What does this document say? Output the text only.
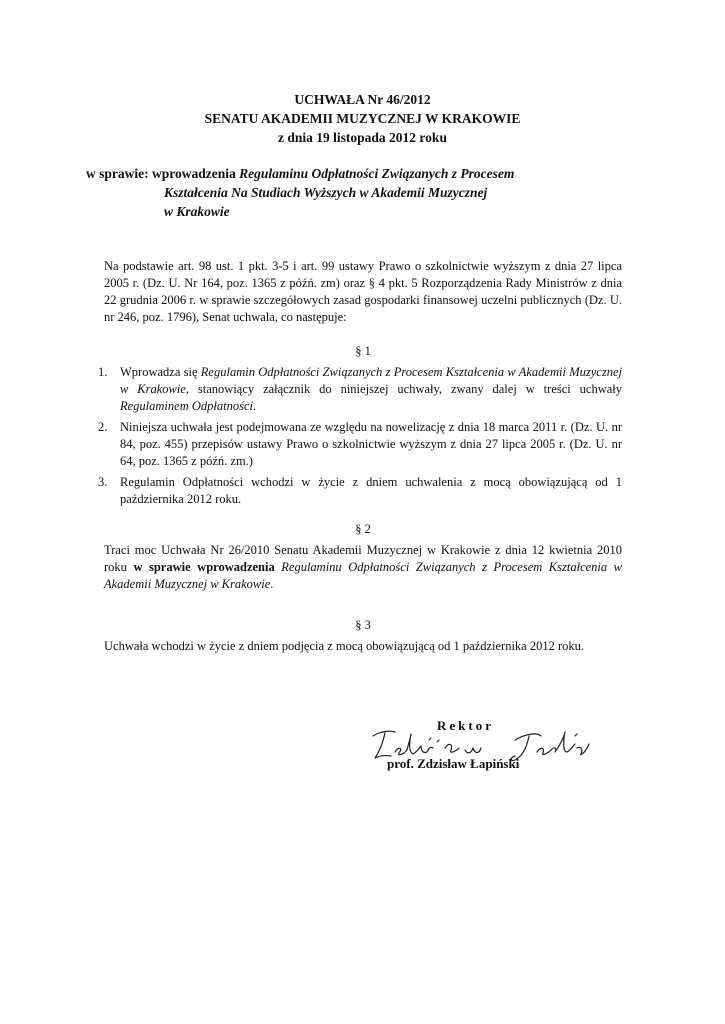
UCHWAŁA Nr 46/2012
SENATU AKADEMII MUZYCZNEJ W KRAKOWIE
z dnia 19 listopada 2012 roku
w sprawie: wprowadzenia Regulaminu Odpłatności Związanych z Procesem
Kształcenia Na Studiach Wyższych w Akademii Muzycznej
w Krakowie
Na podstawie art. 98 ust. 1 pkt. 3-5 i art. 99 ustawy Prawo o szkolnictwie wyższym z dnia 27 lipca 2005 r. (Dz. U. Nr 164, poz. 1365 z późń. zm) oraz § 4 pkt. 5 Rozporządzenia Rady Ministrów z dnia 22 grudnia 2006 r. w sprawie szczegółowych zasad gospodarki finansowej uczelni publicznych (Dz. U. nr 246, poz. 1796), Senat uchwala, co następuje:
§ 1
1. Wprowadza się Regulamin Odpłatności Związanych z Procesem Kształcenia w Akademii Muzycznej w Krakowie, stanowiący załącznik do niniejszej uchwały, zwany dalej w treści uchwały Regulaminem Odpłatności.
2. Niniejsza uchwała jest podejmowana ze względu na nowelizację z dnia 18 marca 2011 r. (Dz. U. nr 84, poz. 455) przepisów ustawy Prawo o szkolnictwie wyższym z dnia 27 lipca 2005 r. (Dz. U. nr 64, poz. 1365 z późń. zm.)
3. Regulamin Odpłatności wchodzi w życie z dniem uchwalenia z mocą obowiązującą od 1 października 2012 roku.
§ 2
Traci moc Uchwała Nr 26/2010 Senatu Akademii Muzycznej w Krakowie z dnia 12 kwietnia 2010 roku w sprawie wprowadzenia Regulaminu Odpłatności Związanych z Procesem Kształcenia w Akademii Muzycznej w Krakowie.
§ 3
Uchwała wchodzi w życie z dniem podjęcia z mocą obowiązującą od 1 października 2012 roku.
Rektor
prof. Zdzisław Łapiński
